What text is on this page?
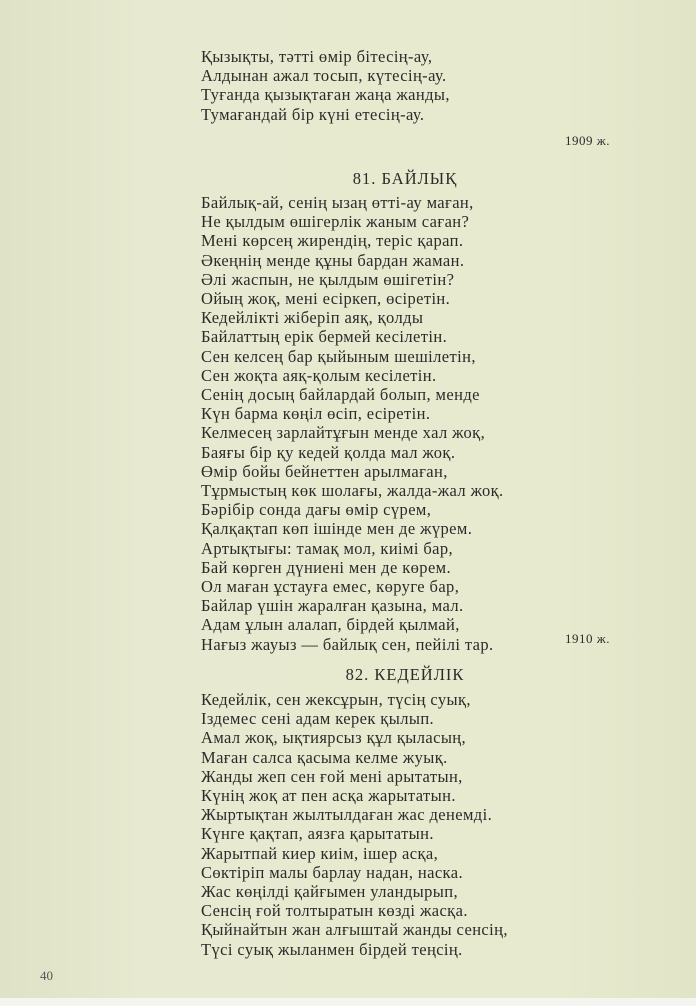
Қызықты, тәтті өмір бітесің-ау,
Алдынан ажал тосып, күтесің-ау.
Туғанда қызықтаған жаңа жанды,
Тумағандай бір күні етесің-ау.
1909 ж.
81. БАЙЛЫҚ
Байлық-ай, сенің ызаң өтті-ау маған,
Не қылдым өшігерлік жаным саған?
Мені көрсең жирендің, теріс қарап.
Әкеңнің менде құны бардан жаман.
Әлі жаспын, не қылдым өшігетін?
Ойың жоқ, мені есіркеп, өсіретін.
Кедейлікті жіберіп аяқ, қолды
Байлаттың ерік бермей кесілетін.
Сен келсең бар қыйыным шешілетін,
Сен жоқта аяқ-қолым кесілетін.
Сенің досың байлардай болып, менде
Күн барма көңіл өсіп, есіретін.
Келмесең зарлайтұғын менде хал жоқ,
Баяғы бір қу кедей қолда мал жоқ.
Өмір бойы бейнеттен арылмаған,
Тұрмыстың көк шолағы, жалда-жал жоқ.
Бәрібір сонда дағы өмір сүрем,
Қалқақтап көп ішінде мен де жүрем.
Артықтығы: тамақ мол, киімі бар,
Бай көрген дүниені мен де көрем.
Ол маған ұстауға емес, көруге бар,
Байлар үшін жаралған қазына, мал.
Адам ұлын алалап, бірдей қылмай,
Нағыз жауыз — байлық сен, пейілі тар.	1910 ж.
82. КЕДЕЙЛІК
Кедейлік, сен жексұрын, түсің суық,
Іздемес сені адам керек қылып.
Амал жоқ, ықтиярсыз құл қыласың,
Маған салса қасыма келме жуық.
Жанды жеп сен ғой мені арытатын,
Күнің жоқ ат пен асқа жарытатын.
Жыртықтан жылтылдаған жас денемді.
Күнге қақтап, аязға қарытатын.
Жарытпай киер киім, ішер асқа,
Сөктіріп малы барлау надан, наска.
Жас көңілді қайғымен уландырып,
Сенсің ғой толтыратын көзді жасқа.
Қыйнайтын жан алғыштай жанды сенсің,
Түсі суық жыланмен бірдей теңсің.
40
